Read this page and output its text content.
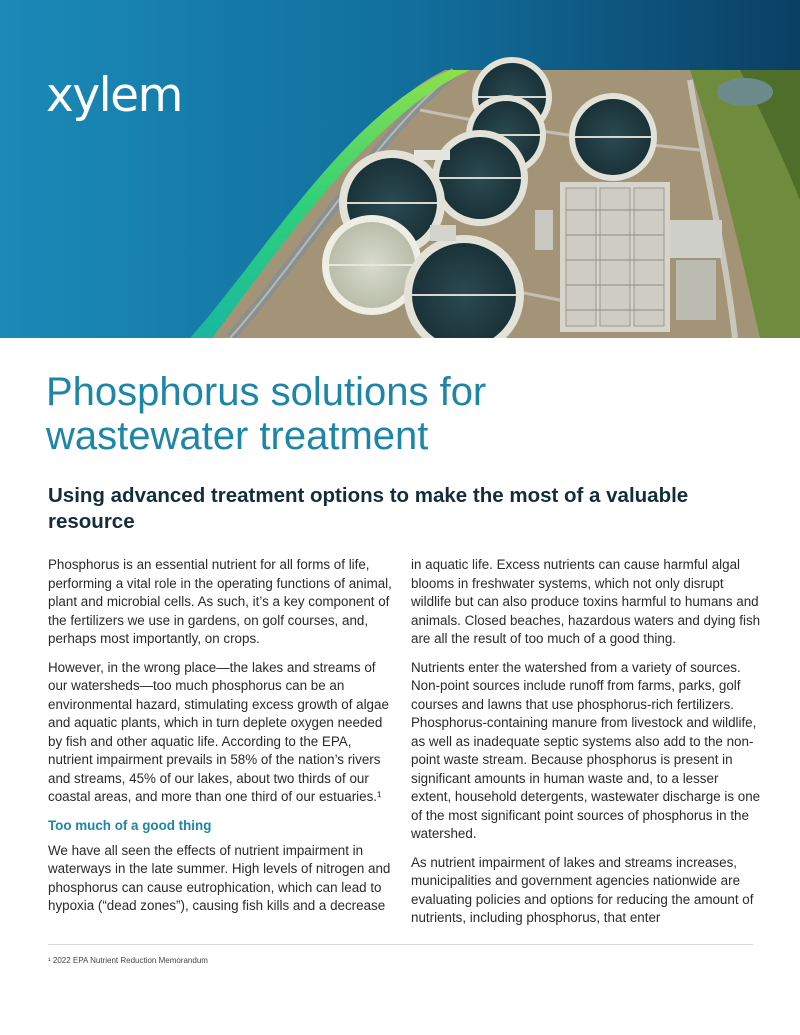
xylem
Phosphorus solutions for wastewater treatment
Using advanced treatment options to make the most of a valuable resource

Phosphorus is an essential nutrient for all forms of life, performing a vital role in the operating functions of animal, plant and microbial cells. As such, it’s a key component of the fertilizers we use in gardens, on golf courses, and, perhaps most importantly, on crops.

However, in the wrong place—the lakes and streams of our watersheds—too much phosphorus can be an environmental hazard, stimulating excess growth of algae and aquatic plants, which in turn deplete oxygen needed by fish and other aquatic life. According to the EPA, nutrient impairment prevails in 58% of the nation’s rivers and streams, 45% of our lakes, about two thirds of our coastal areas, and more than one third of our estuaries.¹

Too much of a good thing

We have all seen the effects of nutrient impairment in waterways in the late summer. High levels of nitrogen and phosphorus can cause eutrophication, which can lead to hypoxia (“dead zones”), causing fish kills and a decrease

in aquatic life. Excess nutrients can cause harmful algal blooms in freshwater systems, which not only disrupt wildlife but can also produce toxins harmful to humans and animals. Closed beaches, hazardous waters and dying fish are all the result of too much of a good thing.

Nutrients enter the watershed from a variety of sources. Non-point sources include runoff from farms, parks, golf courses and lawns that use phosphorus-rich fertilizers. Phosphorus-containing manure from livestock and wildlife, as well as inadequate septic systems also add to the non-point waste stream. Because phosphorus is present in significant amounts in human waste and, to a lesser extent, household detergents, wastewater discharge is one of the most significant point sources of phosphorus in the watershed.

As nutrient impairment of lakes and streams increases, municipalities and government agencies nationwide are evaluating policies and options for reducing the amount of nutrients, including phosphorus, that enter

¹ 2022 EPA Nutrient Reduction Memorandum
